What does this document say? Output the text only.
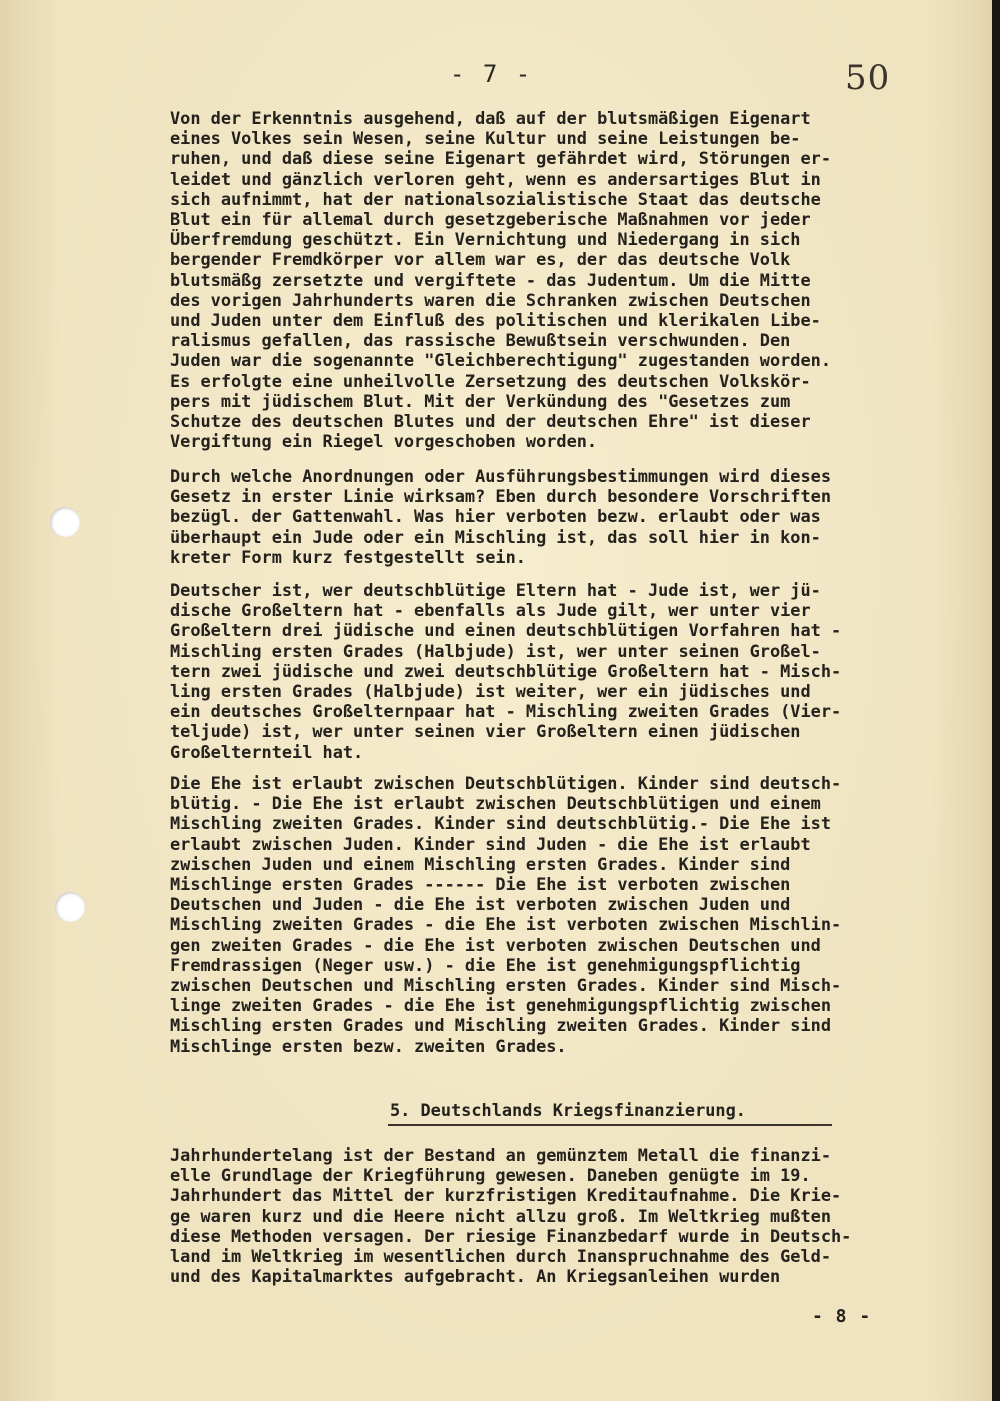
- 7 -	50
Von der Erkenntnis ausgehend, daß auf der blutsmäßigen Eigenart
eines Volkes sein Wesen, seine Kultur und seine Leistungen be-
ruhen, und daß diese seine Eigenart gefährdet wird, Störungen er-
leidet und gänzlich verloren geht, wenn es andersartiges Blut in
sich aufnimmt, hat der nationalsozialistische Staat das deutsche
Blut ein für allemal durch gesetzgeberische Maßnahmen vor jeder
Überfremdung geschützt. Ein Vernichtung und Niedergang in sich
bergender Fremdkörper vor allem war es, der das deutsche Volk
blutsmäßg zersetzte und vergiftete - das Judentum. Um die Mitte
des vorigen Jahrhunderts waren die Schranken zwischen Deutschen
und Juden unter dem Einfluß des politischen und klerikalen Libe-
ralismus gefallen, das rassische Bewußtsein verschwunden. Den
Juden war die sogenannte "Gleichberechtigung" zugestanden worden.
Es erfolgte eine unheilvolle Zersetzung des deutschen Volkskör-
pers mit jüdischem Blut. Mit der Verkündung des "Gesetzes zum
Schutze des deutschen Blutes und der deutschen Ehre" ist dieser
Vergiftung ein Riegel vorgeschoben worden.
Durch welche Anordnungen oder Ausführungsbestimmungen wird dieses
Gesetz in erster Linie wirksam? Eben durch besondere Vorschriften
bezügl. der Gattenwahl. Was hier verboten bezw. erlaubt oder was
überhaupt ein Jude oder ein Mischling ist, das soll hier in kon-
kreter Form kurz festgestellt sein.
Deutscher ist, wer deutschblütige Eltern hat - Jude ist, wer jü-
dische Großeltern hat - ebenfalls als Jude gilt, wer unter vier
Großeltern drei jüdische und einen deutschblütigen Vorfahren hat -
Mischling ersten Grades (Halbjude) ist, wer unter seinen Großel-
tern zwei jüdische und zwei deutschblütige Großeltern hat - Misch-
ling ersten Grades (Halbjude) ist weiter, wer ein jüdisches und
ein deutsches Großelternpaar hat - Mischling zweiten Grades (Vier-
teljude) ist, wer unter seinen vier Großeltern einen jüdischen
Großelternteil hat.
Die Ehe ist erlaubt zwischen Deutschblütigen. Kinder sind deutsch-
blütig. - Die Ehe ist erlaubt zwischen Deutschblütigen und einem
Mischling zweiten Grades. Kinder sind deutschblütig.- Die Ehe ist
erlaubt zwischen Juden. Kinder sind Juden - die Ehe ist erlaubt
zwischen Juden und einem Mischling ersten Grades. Kinder sind
Mischlinge ersten Grades ------ Die Ehe ist verboten zwischen
Deutschen und Juden - die Ehe ist verboten zwischen Juden und
Mischling zweiten Grades - die Ehe ist verboten zwischen Mischlin-
gen zweiten Grades - die Ehe ist verboten zwischen Deutschen und
Fremdrassigen (Neger usw.) - die Ehe ist genehmigungspflichtig
zwischen Deutschen und Mischling ersten Grades. Kinder sind Misch-
linge zweiten Grades - die Ehe ist genehmigungspflichtig zwischen
Mischling ersten Grades und Mischling zweiten Grades. Kinder sind
Mischlinge ersten bezw. zweiten Grades.
5. Deutschlands Kriegsfinanzierung.
Jahrhundertelang ist der Bestand an gemünztem Metall die finanzi-
elle Grundlage der Kriegführung gewesen. Daneben genügte im 19.
Jahrhundert das Mittel der kurzfristigen Kreditaufnahme. Die Krie-
ge waren kurz und die Heere nicht allzu groß. Im Weltkrieg mußten
diese Methoden versagen. Der riesige Finanzbedarf wurde in Deutsch-
land im Weltkrieg im wesentlichen durch Inanspruchnahme des Geld-
und des Kapitalmarktes aufgebracht. An Kriegsanleihen wurden
- 8 -
